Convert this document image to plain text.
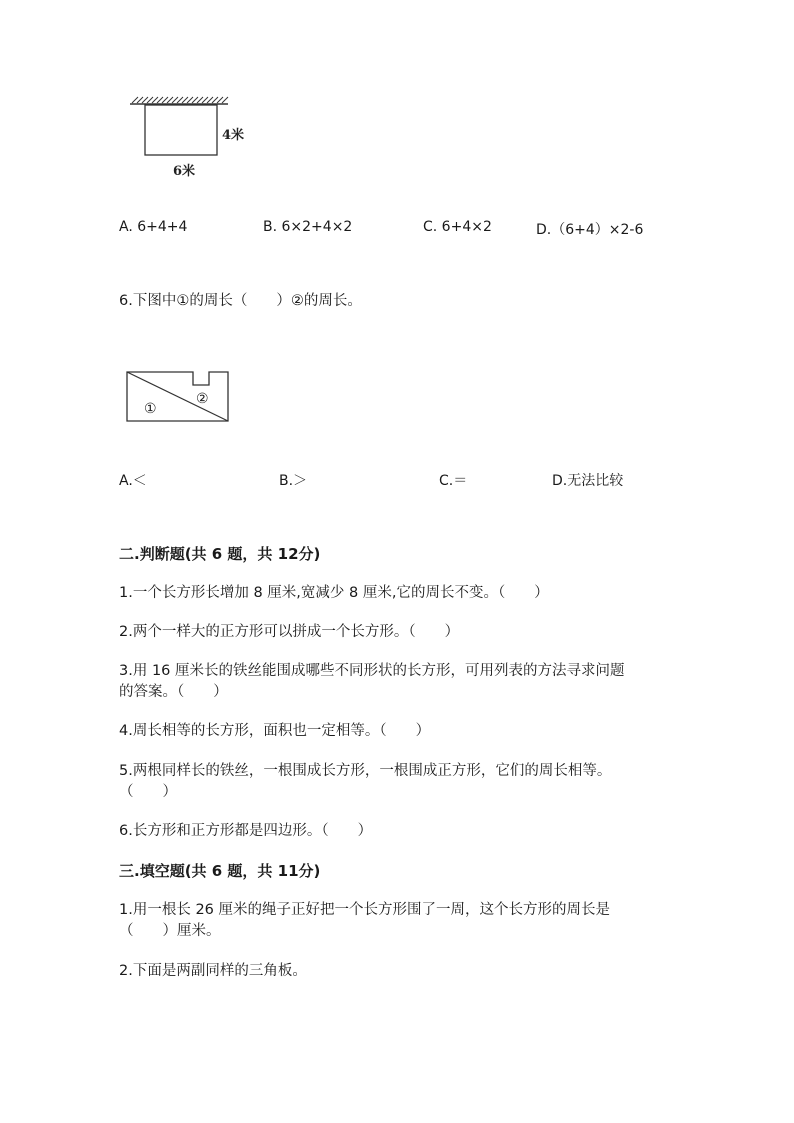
4米
6米
A. 6+4+4	B. 6×2+4×2	C. 6+4×2	D.（6+4）×2-6
6.下图中①的周长（　　）②的周长。
①
②
A.＜	B.＞	C.＝	D.无法比较
二.判断题(共 6 题，共 12分)
1.一个长方形长增加 8 厘米,宽减少 8 厘米,它的周长不变。（　　）
2.两个一样大的正方形可以拼成一个长方形。（　　）
3.用 16 厘米长的铁丝能围成哪些不同形状的长方形，可用列表的方法寻求问题
的答案。（　　）
4.周长相等的长方形，面积也一定相等。（　　）
5.两根同样长的铁丝，一根围成长方形，一根围成正方形，它们的周长相等。
（　　）
6.长方形和正方形都是四边形。（　　）
三.填空题(共 6 题，共 11分)
1.用一根长 26 厘米的绳子正好把一个长方形围了一周，这个长方形的周长是
（　　）厘米。
2.下面是两副同样的三角板。
